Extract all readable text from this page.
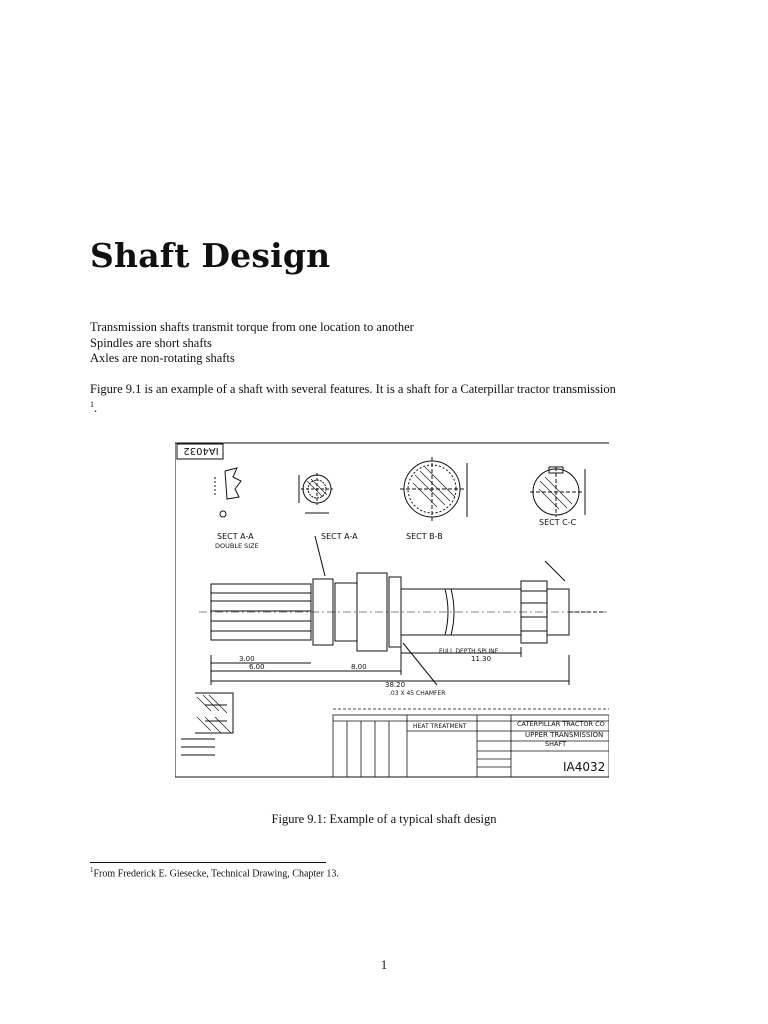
Shaft Design
Transmission shafts transmit torque from one location to another
Spindles are short shafts
Axles are non-rotating shafts
Figure 9.1 is an example of a shaft with several features. It is a shaft for a Caterpillar tractor transmission
$^1$.
IA4032
SECT A-A
DOUBLE SIZE
SECT A-A	SECT B-B
SECT C-C
38.20
6.00
3.00
8.00
11.30
FULL DEPTH SPLINE
.03 X 45 CHAMFER
HEAT TREATMENT	CATERPILLAR TRACTOR CO
UPPER TRANSMISSION
SHAFT
IA4032
Figure 9.1: Example of a typical shaft design
$^1$From Frederick E. Giesecke, Technical Drawing, Chapter 13.
1
